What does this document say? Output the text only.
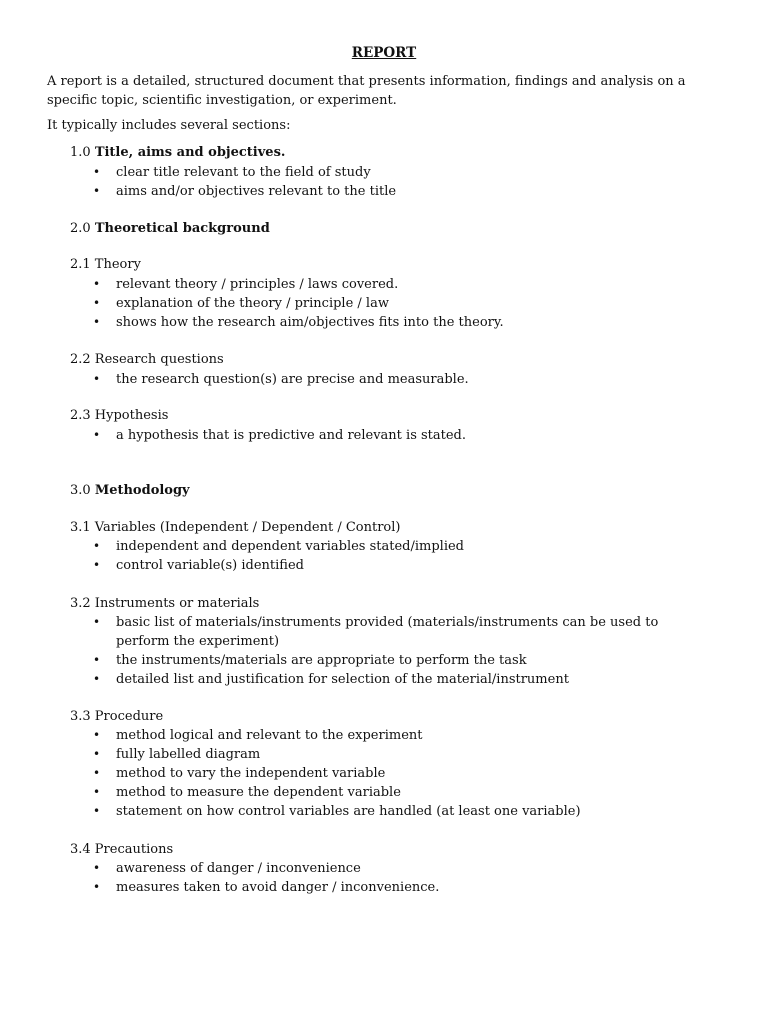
REPORT
A report is a detailed, structured document that presents information, findings and analysis on a specific topic, scientific investigation, or experiment.
It typically includes several sections:
1.0 Title, aims and objectives.
• clear title relevant to the field of study
• aims and/or objectives relevant to the title
2.0 Theoretical background
2.1 Theory
• relevant theory / principles / laws covered.
• explanation of the theory / principle / law
• shows how the research aim/objectives fits into the theory.
2.2 Research questions
• the research question(s) are precise and measurable.
2.3 Hypothesis
• a hypothesis that is predictive and relevant is stated.
3.0 Methodology
3.1 Variables (Independent / Dependent / Control)
• independent and dependent variables stated/implied
• control variable(s) identified
3.2 Instruments or materials
• basic list of materials/instruments provided (materials/instruments can be used to perform the experiment)
• the instruments/materials are appropriate to perform the task
• detailed list and justification for selection of the material/instrument
3.3 Procedure
• method logical and relevant to the experiment
• fully labelled diagram
• method to vary the independent variable
• method to measure the dependent variable
• statement on how control variables are handled (at least one variable)
3.4 Precautions
• awareness of danger / inconvenience
• measures taken to avoid danger / inconvenience.
